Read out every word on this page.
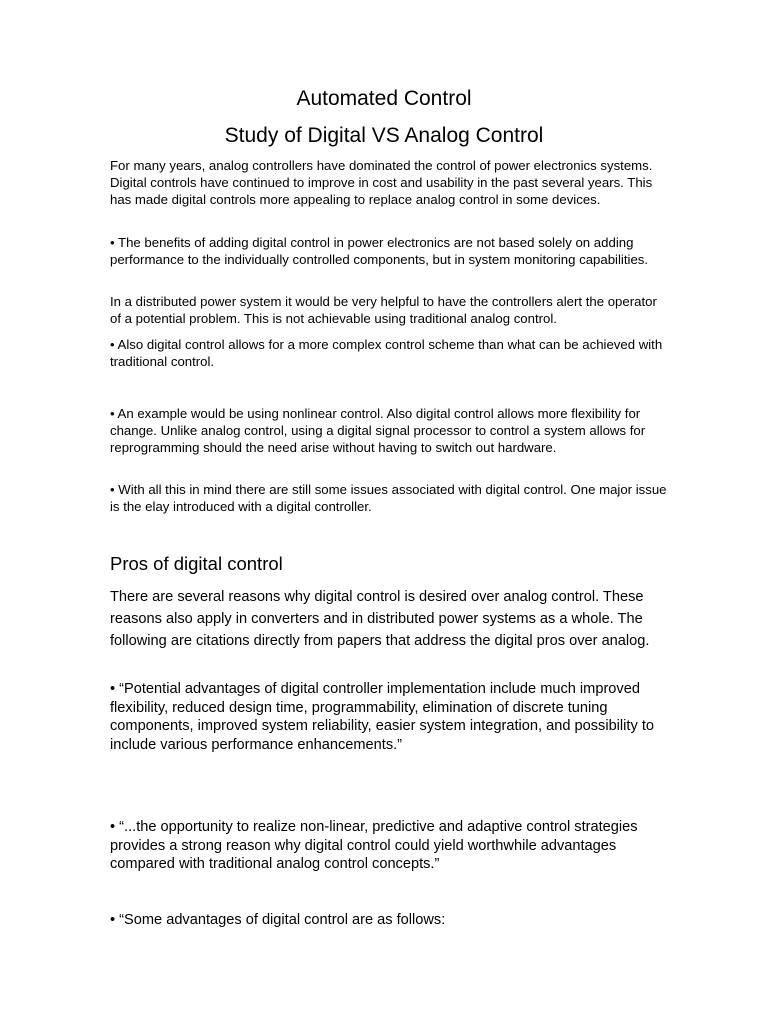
Automated Control
Study of Digital VS Analog Control

For many years, analog controllers have dominated the control of power electronics systems. Digital controls have continued to improve in cost and usability in the past several years. This has made digital controls more appealing to replace analog control in some devices.

• The benefits of adding digital control in power electronics are not based solely on adding performance to the individually controlled components, but in system monitoring capabilities.

In a distributed power system it would be very helpful to have the controllers alert the operator of a potential problem. This is not achievable using traditional analog control.

• Also digital control allows for a more complex control scheme than what can be achieved with traditional control.

• An example would be using nonlinear control. Also digital control allows more flexibility for change. Unlike analog control, using a digital signal processor to control a system allows for reprogramming should the need arise without having to switch out hardware.

• With all this in mind there are still some issues associated with digital control. One major issue is the elay introduced with a digital controller.

Pros of digital control

There are several reasons why digital control is desired over analog control. These reasons also apply in converters and in distributed power systems as a whole. The following are citations directly from papers that address the digital pros over analog.

• “Potential advantages of digital controller implementation include much improved flexibility, reduced design time, programmability, elimination of discrete tuning components, improved system reliability, easier system integration, and possibility to include various performance enhancements.”

• “...the opportunity to realize non-linear, predictive and adaptive control strategies provides a strong reason why digital control could yield worthwhile advantages compared with traditional analog control concepts.”

• “Some advantages of digital control are as follows:
